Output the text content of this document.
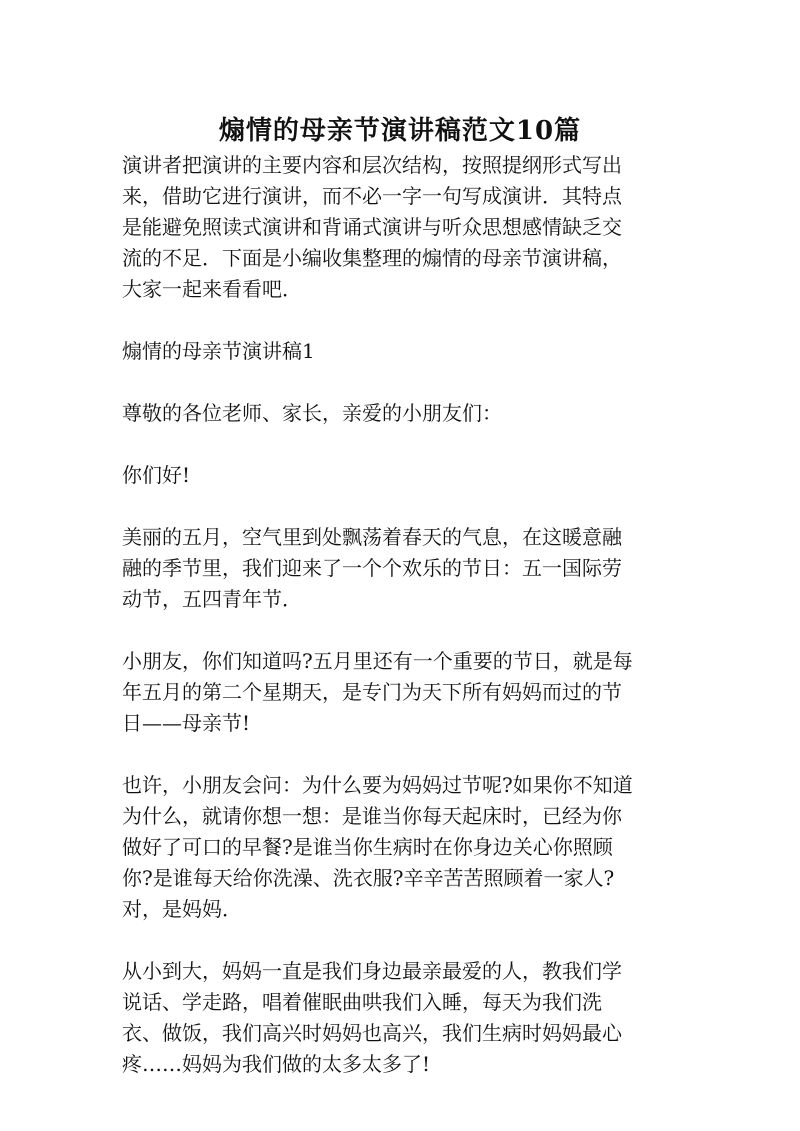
煽情的母亲节演讲稿范文10篇

演讲者把演讲的主要内容和层次结构，按照提纲形式写出
来，借助它进行演讲，而不必一字一句写成演讲．其特点
是能避免照读式演讲和背诵式演讲与听众思想感情缺乏交
流的不足．下面是小编收集整理的煽情的母亲节演讲稿，
大家一起来看看吧．

煽情的母亲节演讲稿1

尊敬的各位老师、家长，亲爱的小朋友们：

你们好!

美丽的五月，空气里到处飘荡着春天的气息，在这暖意融
融的季节里，我们迎来了一个个欢乐的节日：五一国际劳
动节，五四青年节．

小朋友，你们知道吗?五月里还有一个重要的节日，就是每
年五月的第二个星期天，是专门为天下所有妈妈而过的节
日——母亲节!

也许，小朋友会问：为什么要为妈妈过节呢?如果你不知道
为什么，就请你想一想：是谁当你每天起床时，已经为你
做好了可口的早餐?是谁当你生病时在你身边关心你照顾
你?是谁每天给你洗澡、洗衣服?辛辛苦苦照顾着一家人?
对，是妈妈．

从小到大，妈妈一直是我们身边最亲最爱的人，教我们学
说话、学走路，唱着催眠曲哄我们入睡，每天为我们洗
衣、做饭，我们高兴时妈妈也高兴，我们生病时妈妈最心
疼……妈妈为我们做的太多太多了!
